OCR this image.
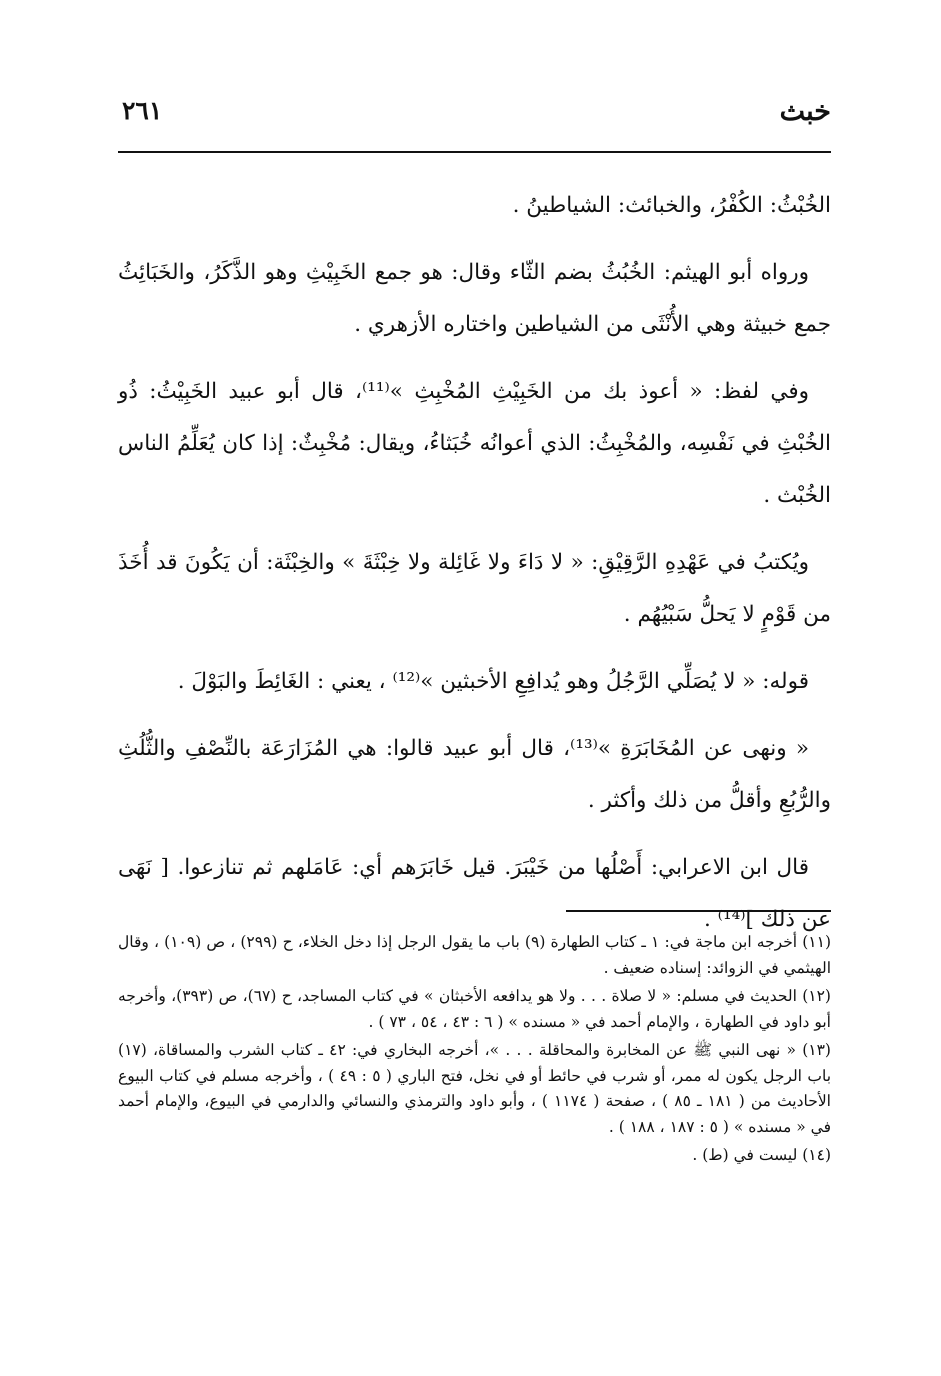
خبث
٢٦١

الخُبْثُ: الكُفْرُ، والخبائث: الشياطينُ .

ورواه أبو الهيثم: الخُبُثُ بضم الثّاء وقال: هو جمع الخَبِيْثِ وهو الذَّكَرُ، والخَبَائِثُ جمع خبيثة وهي الأُنْثَى من الشياطين واختاره الأزهري .

وفي لفظ: « أعوذ بك من الخَبِيْثِ المُخْبِثِ »⁽¹¹⁾، قال أبو عبيد الخَبِيْثُ: ذُو الخُبْثِ في نَفْسِه، والمُخْبِثُ: الذي أعوانُه خُبَثاءُ، ويقال: مُخْبِثٌ: إذا كان يُعَلِّمُ الناس الخُبْث .

ويُكتبُ في عَهْدِهِ الرَّقِيْقِ: « لا دَاءَ ولا غَائِلة ولا خِبْثَةَ » والخِبْثَة: أن يَكُونَ قد أُخَذَ من قَوْمٍ لا يَحلُّ سَبْيُهُم .

قوله: « لا يُصَلِّي الرَّجُلُ وهو يُدافِعِ الأخبثين »⁽¹²⁾ ، يعني : الغَائِطَ والبَوْلَ .

« ونهى عن المُخَابَرَةِ »⁽¹³⁾، قال أبو عبيد قالوا: هي المُزَارَعَة بالنِّصْفِ والثُّلُثِ والرُّبُعِ وأقلُّ من ذلك وأكثر .

قال ابن الاعرابي: أَصْلُها من خَيْبَرَ. قيل خَابَرَهم أي: عَامَلهم ثم تنازعوا. [ نَهَى عن ذلك ]⁽¹⁴⁾ .

(١١) أخرجه ابن ماجة في: ١ ـ كتاب الطهارة (٩) باب ما يقول الرجل إذا دخل الخلاء، ح (٢٩٩) ، ص (١٠٩) ، وقال الهيثمي في الزوائد: إسناده ضعيف .

(١٢) الحديث في مسلم: « لا صلاة . . . ولا هو يدافعه الأخبثان » في كتاب المساجد، ح (٦٧)، ص (٣٩٣)، وأخرجه أبو داود في الطهارة ، والإمام أحمد في « مسنده » ( ٦ : ٤٣ ، ٥٤ ، ٧٣ ) .

(١٣) « نهى النبي ﷺ عن المخابرة والمحاقلة . . . »، أخرجه البخاري في: ٤٢ ـ كتاب الشرب والمساقاة، (١٧) باب الرجل يكون له ممر، أو شرب في حائط أو في نخل، فتح الباري ( ٥ : ٤٩ ) ، وأخرجه مسلم في كتاب البيوع الأحاديث من ( ١٨١ ـ ٨٥ ) ، صفحة ( ١١٧٤ ) ، وأبو داود والترمذي والنسائي والدارمي في البيوع، والإمام أحمد في « مسنده » ( ٥ : ١٨٧ ، ١٨٨ ) .

(١٤) ليست في (ط) .
